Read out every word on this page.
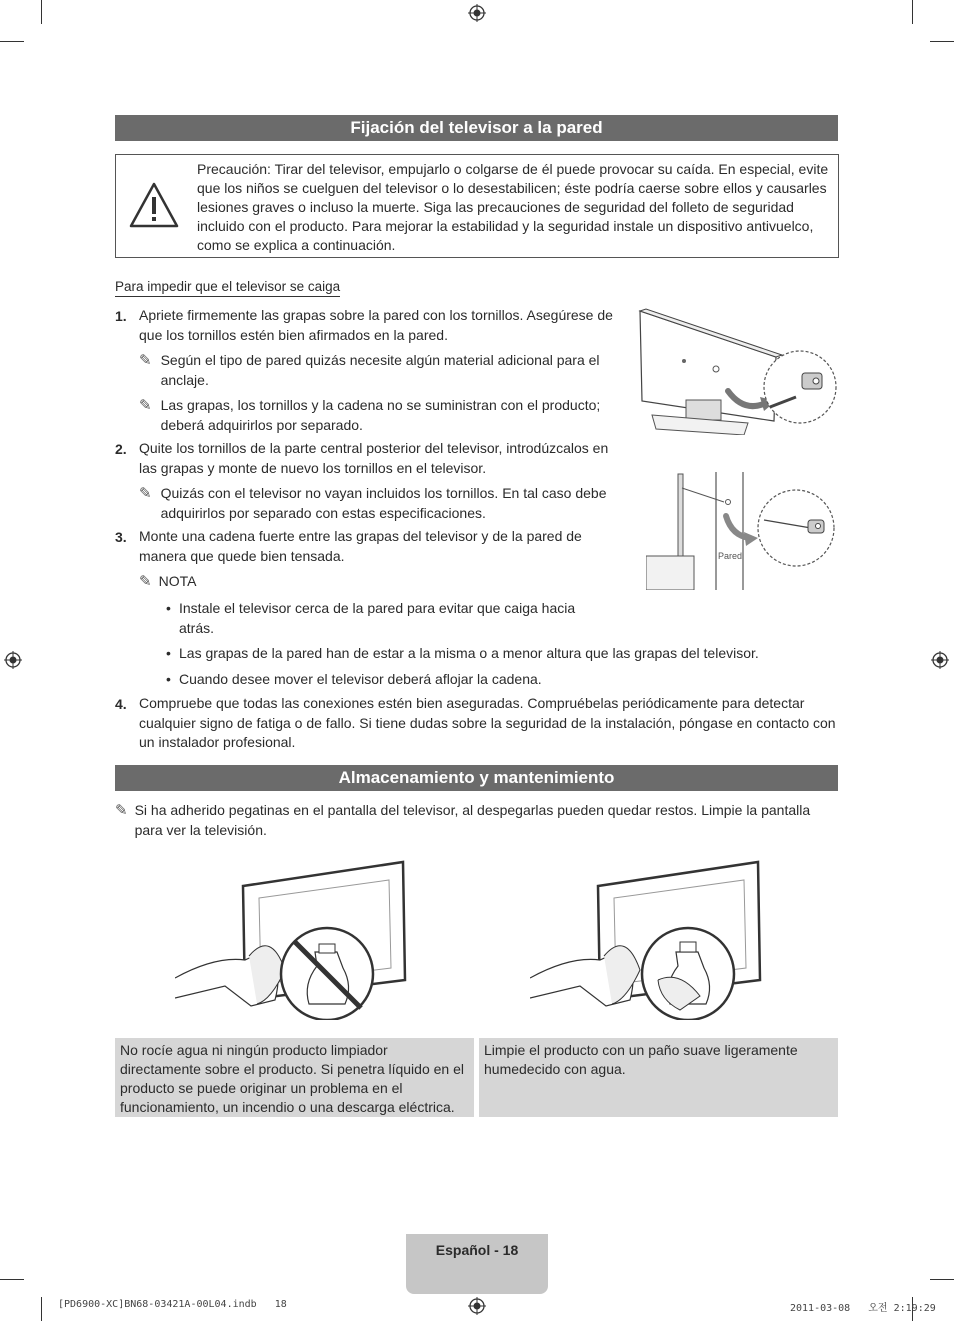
Fijación del televisor a la pared
Precaución: Tirar del televisor, empujarlo o colgarse de él puede provocar su caída. En especial, evite que los niños se cuelguen del televisor o lo desestabilicen; éste podría caerse sobre ellos y causarles lesiones graves o incluso la muerte. Siga las precauciones de seguridad del folleto de seguridad incluido con el producto. Para mejorar la estabilidad y la seguridad instale un dispositivo antivuelco, como se explica a continuación.
Para impedir que el televisor se caiga
1. Apriete firmemente las grapas sobre la pared con los tornillos. Asegúrese de que los tornillos estén bien afirmados en la pared.
✎ Según el tipo de pared quizás necesite algún material adicional para el anclaje.
✎ Las grapas, los tornillos y la cadena no se suministran con el producto; deberá adquirirlos por separado.
2. Quite los tornillos de la parte central posterior del televisor, introdúzcalos en las grapas y monte de nuevo los tornillos en el televisor.
✎ Quizás con el televisor no vayan incluidos los tornillos. En tal caso debe adquirirlos por separado con estas especificaciones.
3. Monte una cadena fuerte entre las grapas del televisor y de la pared de manera que quede bien tensada.
✎ NOTA
• Instale el televisor cerca de la pared para evitar que caiga hacia atrás.
• Las grapas de la pared han de estar a la misma o a menor altura que las grapas del televisor.
• Cuando desee mover el televisor deberá aflojar la cadena.
4. Compruebe que todas las conexiones estén bien aseguradas. Compruébelas periódicamente para detectar cualquier signo de fatiga o de fallo. Si tiene dudas sobre la seguridad de la instalación, póngase en contacto con un instalador profesional.
Pared
Almacenamiento y mantenimiento
✎ Si ha adherido pegatinas en el pantalla del televisor, al despegarlas pueden quedar restos. Limpie la pantalla para ver la televisión.
No rocíe agua ni ningún producto limpiador directamente sobre el producto. Si penetra líquido en el producto se puede originar un problema en el funcionamiento, un incendio o una descarga eléctrica.
Limpie el producto con un paño suave ligeramente humedecido con agua.
Español - 18
[PD6900-XC]BN68-03421A-00L04.indb   18	2011-03-08   오전 2:19:29
